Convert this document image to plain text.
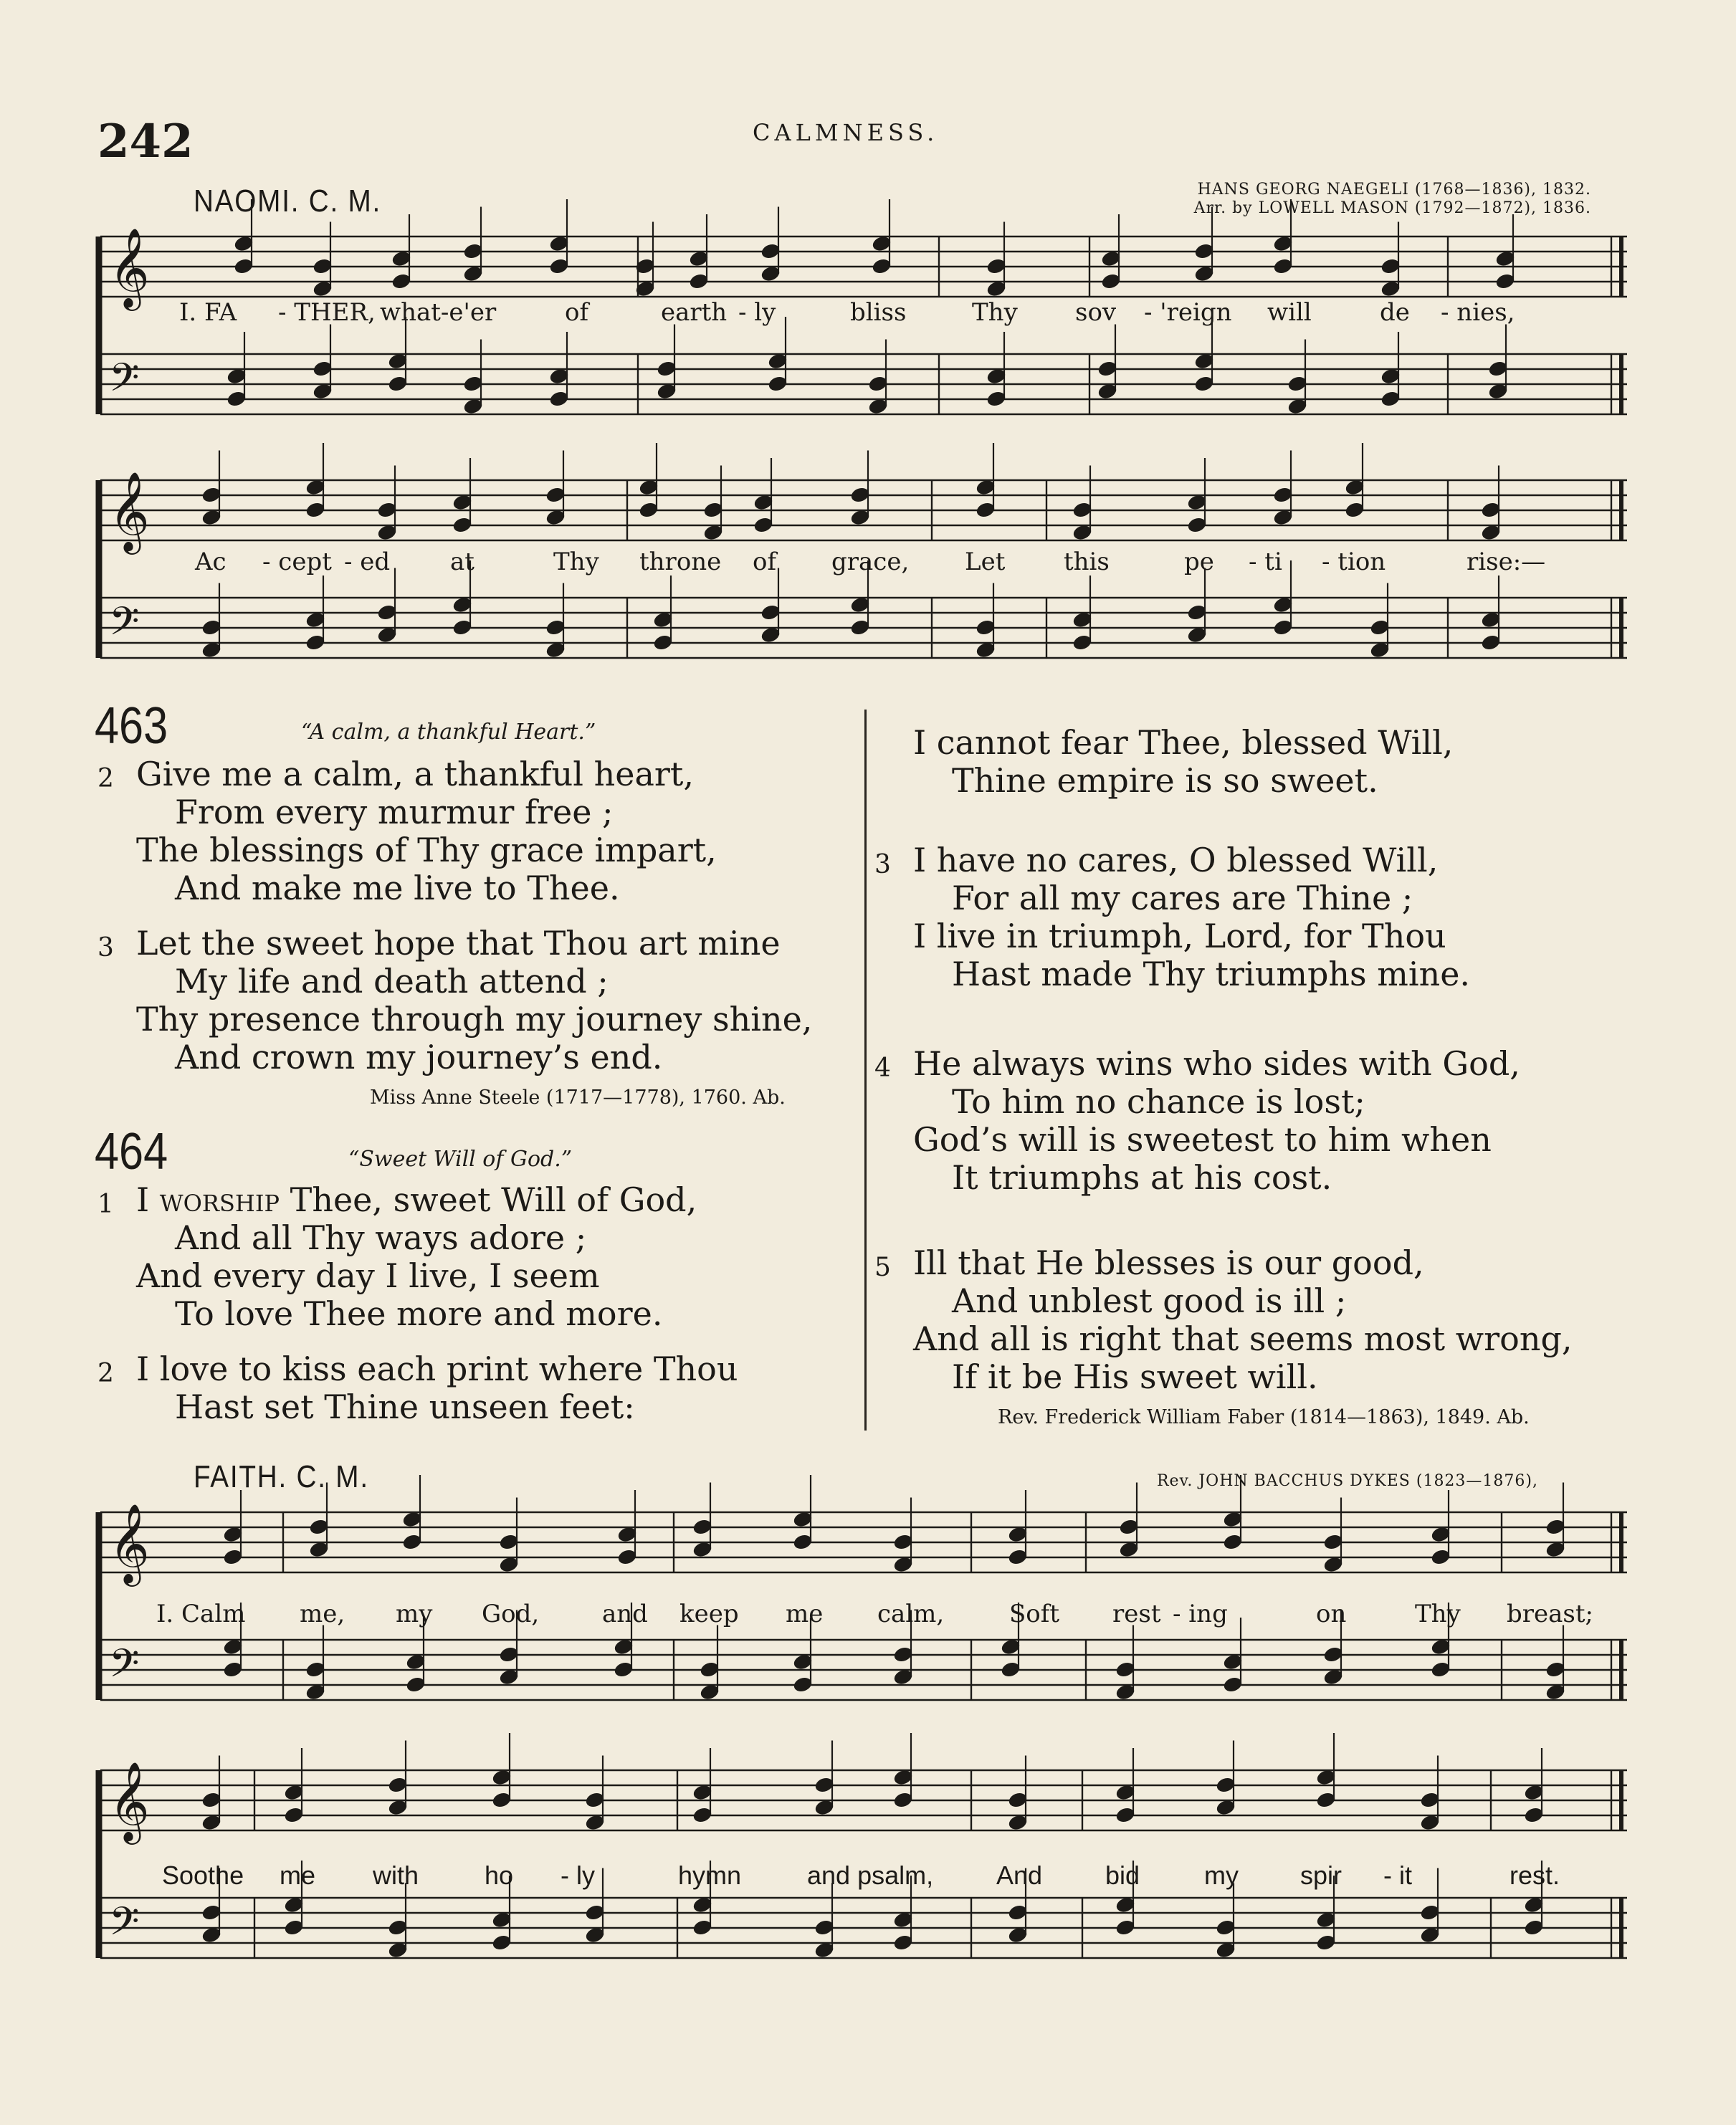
242	CALMNESS.
𝄞
𝄢
𝄞
𝄢
𝄞
𝄢
𝄞
𝄢
NAOMI. C. M.	HANS GEORG NAEGELI (1768—1836), 1832.
Arr. by LOWELL MASON (1792—1872), 1836.
I. FA - THER, what-e'er	of	earth - ly	bliss	Thy sov - 'reign will	de - nies,
Ac - cept - ed at	Thy throne of grace, Let this	pe - ti - tion	rise:—
463	“A calm, a thankful Heart.”
2 Give me a calm, a thankful heart,
From every murmur free ;
The blessings of Thy grace impart,
And make me live to Thee.
3 Let the sweet hope that Thou art mine
My life and death attend ;
Thy presence through my journey shine,
And crown my journey’s end.
Miss Anne Steele (1717—1778), 1760. Ab.
464	“Sweet Will of God.”
1 I worship Thee, sweet Will of God,
And all Thy ways adore ;
And every day I live, I seem
To love Thee more and more.
2 I love to kiss each print where Thou
Hast set Thine unseen feet:
I cannot fear Thee, blessed Will,
Thine empire is so sweet.
3 I have no cares, O blessed Will,
For all my cares are Thine ;
I live in triumph, Lord, for Thou
Hast made Thy triumphs mine.
4 He always wins who sides with God,
To him no chance is lost;
God’s will is sweetest to him when
It triumphs at his cost.
5 Ill that He blesses is our good,
And unblest good is ill ;
And all is right that seems most wrong,
If it be His sweet will.
Rev. Frederick William Faber (1814—1863), 1849. Ab.
FAITH. C. M.	Rev. JOHN BACCHUS DYKES (1823—1876),
I. Calm me, my God,	and keep me calm,	Soft rest - ing	on	Thy breast;
Soothe me with	ho - ly	hymn	and psalm, And bid my spir - it	rest.
